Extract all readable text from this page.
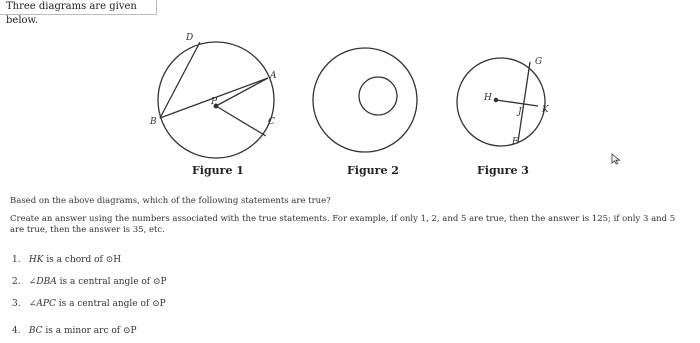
Three diagrams are given below.
D
A
P
B	C
H
G
K
J
F
Figure 1	Figure 2	Figure 3
Based on the above diagrams, which of the following statements are true?
Create an answer using the numbers associated with the true statements. For example, if only 1, 2, and 5 are true, then the answer is 125; if only 3 and 5 are true, then the answer is 35, etc.
1. HK is a chord of ⊙H
2. ∠DBA is a central angle of ⊙P
3. ∠APC is a central angle of ⊙P
4. BC is a minor arc of ⊙P
